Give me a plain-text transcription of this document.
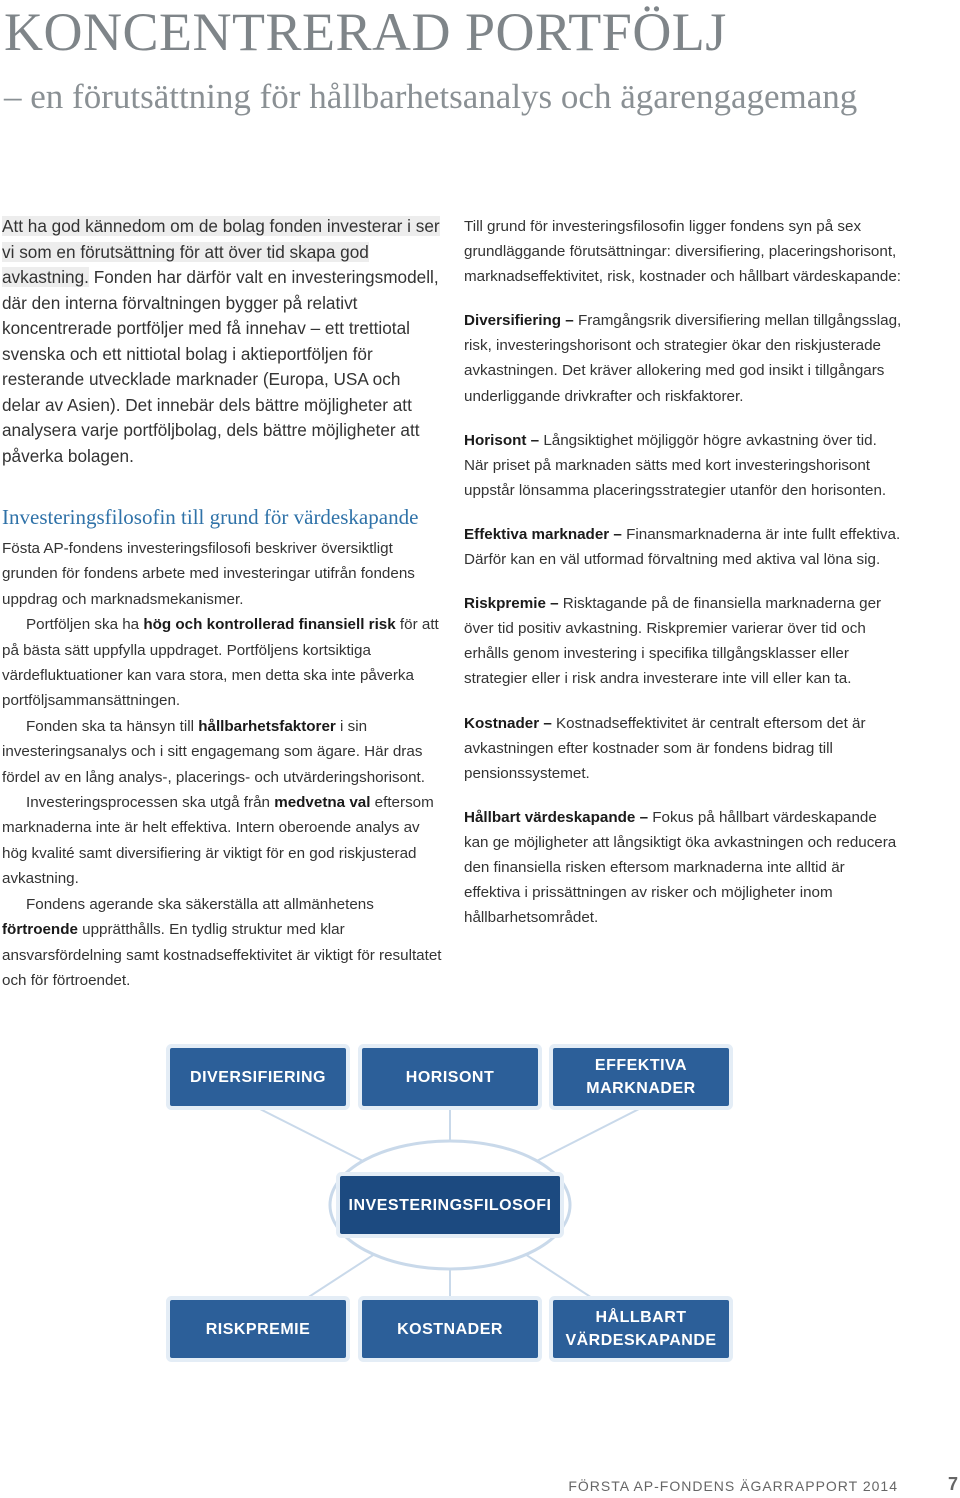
KONCENTRERAD PORTFÖLJ
– en förutsättning för hållbarhetsanalys och ägarengagemang

Att ha god kännedom om de bolag fonden investerar i ser vi som en förutsättning för att över tid skapa god avkastning. Fonden har därför valt en investeringsmodell, där den interna förvaltningen bygger på relativt koncentrerade portföljer med få innehav – ett trettiotal svenska och ett nittiotal bolag i aktieportföljen för resterande utvecklade marknader (Europa, USA och delar av Asien). Det innebär dels bättre möjligheter att analysera varje portföljbolag, dels bättre möjligheter att påverka bolagen.

Investeringsfilosofin till grund för värdeskapande

Fösta AP-fondens investeringsfilosofi beskriver översiktligt grunden för fondens arbete med investeringar utifrån fondens uppdrag och marknadsmekanismer.

Portföljen ska ha hög och kontrollerad finansiell risk för att på bästa sätt uppfylla uppdraget. Portföljens kortsiktiga värdefluktuationer kan vara stora, men detta ska inte påverka portföljsammansättningen.

Fonden ska ta hänsyn till hållbarhetsfaktorer i sin investeringsanalys och i sitt engagemang som ägare. Här dras fördel av en lång analys-, placerings- och utvärderingshorisont.

Investeringsprocessen ska utgå från medvetna val eftersom marknaderna inte är helt effektiva. Intern oberoende analys av hög kvalité samt diversifiering är viktigt för en god riskjusterad avkastning.

Fondens agerande ska säkerställa att allmänhetens förtroende upprätthålls. En tydlig struktur med klar ansvarsfördelning samt kostnadseffektivitet är viktigt för resultatet och för förtroendet.

Till grund för investeringsfilosofin ligger fondens syn på sex grundläggande förutsättningar: diversifiering, placeringshorisont, marknadseffektivitet, risk, kostnader och hållbart värdeskapande:

Diversifiering – Framgångsrik diversifiering mellan tillgångsslag, risk, investeringshorisont och strategier ökar den riskjusterade avkastningen. Det kräver allokering med god insikt i tillgångars underliggande drivkrafter och riskfaktorer.

Horisont – Långsiktighet möjliggör högre avkastning över tid. När priset på marknaden sätts med kort investeringshorisont uppstår lönsamma placeringsstrategier utanför den horisonten.

Effektiva marknader – Finansmarknaderna är inte fullt effektiva. Därför kan en väl utformad förvaltning med aktiva val löna sig.

Riskpremie – Risktagande på de finansiella marknaderna ger över tid positiv avkastning. Riskpremier varierar över tid och erhålls genom investering i specifika tillgångsklasser eller strategier eller i risk andra investerare inte vill eller kan ta.

Kostnader – Kostnadseffektivitet är centralt eftersom det är avkastningen efter kostnader som är fondens bidrag till pensionssystemet.

Hållbart värdeskapande – Fokus på hållbart värdeskapande kan ge möjligheter att långsiktigt öka avkastningen och reducera den finansiella risken eftersom marknaderna inte alltid är effektiva i prissättningen av risker och möjligheter inom hållbarhetsområdet.

DIVERSIFIERING	HORISONT
EFFEKTIVA MARKNADER
INVESTERINGSFILOSOFI
RISKPREMIE	KOSTNADER
HÅLLBART VÄRDESKAPANDE
FÖRSTA AP-FONDENS ÄGARRAPPORT 2014	7
